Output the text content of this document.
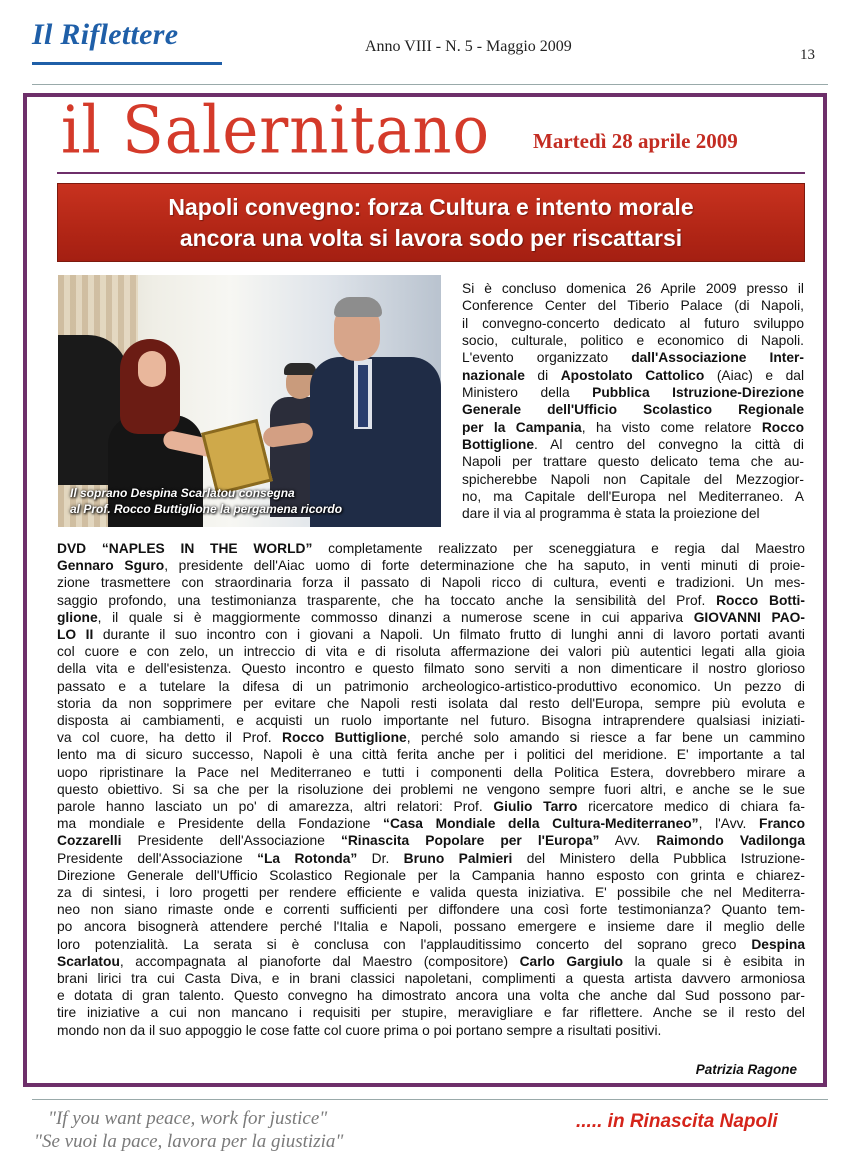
Il Riflettere	Anno VIII - N. 5 - Maggio 2009	13
il Salernitano Martedì 28 aprile 2009
Napoli convegno: forza Cultura e intento morale
ancora una volta si lavora sodo per riscattarsi
Il soprano Despina Scarlatou consegna
al Prof. Rocco Buttiglione la pergamena ricordo
Si è concluso domenica 26 Aprile 2009 presso il
Conference Center del Tiberio Palace (di Napoli,
il convegno-concerto dedicato al futuro sviluppo
socio, culturale, politico e economico di Napoli.
L'evento organizzato dall'Associazione Inter-
nazionale di Apostolato Cattolico (Aiac) e dal
Ministero della Pubblica Istruzione-Direzione
Generale dell'Ufficio Scolastico Regionale
per la Campania, ha visto come relatore Rocco
Bottiglione. Al centro del convegno la città di
Napoli per trattare questo delicato tema che au-
spicherebbe Napoli non Capitale del Mezzogior-
no, ma Capitale dell'Europa nel Mediterraneo. A
dare il via al programma è stata la proiezione del
DVD “NAPLES IN THE WORLD” completamente realizzato per sceneggiatura e regia dal Maestro
Gennaro Sguro, presidente dell'Aiac uomo di forte determinazione che ha saputo, in venti minuti di proie-
zione trasmettere con straordinaria forza il passato di Napoli ricco di cultura, eventi e tradizioni. Un mes-
saggio profondo, una testimonianza trasparente, che ha toccato anche la sensibilità del Prof. Rocco Botti-
glione, il quale si è maggiormente commosso dinanzi a numerose scene in cui appariva GIOVANNI PAO-
LO II durante il suo incontro con i giovani a Napoli. Un filmato frutto di lunghi anni di lavoro portati avanti
col cuore e con zelo, un intreccio di vita e di risoluta affermazione dei valori più autentici legati alla gioia
della vita e dell'esistenza. Questo incontro e questo filmato sono serviti a non dimenticare il nostro glorioso
passato e a tutelare la difesa di un patrimonio archeologico-artistico-produttivo economico. Un pezzo di
storia da non sopprimere per evitare che Napoli resti isolata dal resto dell'Europa, sempre più evoluta e
disposta ai cambiamenti, e acquisti un ruolo importante nel futuro. Bisogna intraprendere qualsiasi iniziati-
va col cuore, ha detto il Prof. Rocco Buttiglione, perché solo amando si riesce a far bene un cammino
lento ma di sicuro successo, Napoli è una città ferita anche per i politici del meridione. E' importante a tal
uopo ripristinare la Pace nel Mediterraneo e tutti i componenti della Politica Estera, dovrebbero mirare a
questo obiettivo. Si sa che per la risoluzione dei problemi ne vengono sempre fuori altri, e anche se le sue
parole hanno lasciato un po' di amarezza, altri relatori: Prof. Giulio Tarro ricercatore medico di chiara fa-
ma mondiale e Presidente della Fondazione “Casa Mondiale della Cultura-Mediterraneo”, l'Avv. Franco
Cozzarelli Presidente dell'Associazione “Rinascita Popolare per l'Europa” Avv. Raimondo Vadilonga
Presidente dell'Associazione “La Rotonda” Dr. Bruno Palmieri del Ministero della Pubblica Istruzione-
Direzione Generale dell'Ufficio Scolastico Regionale per la Campania hanno esposto con grinta e chiarez-
za di sintesi, i loro progetti per rendere efficiente e valida questa iniziativa. E' possibile che nel Mediterra-
neo non siano rimaste onde e correnti sufficienti per diffondere una così forte testimonianza? Quanto tem-
po ancora bisognerà attendere perché l'Italia e Napoli, possano emergere e insieme dare il meglio delle
loro potenzialità. La serata si è conclusa con l'applauditissimo concerto del soprano greco Despina
Scarlatou, accompagnata al pianoforte dal Maestro (compositore) Carlo Gargiulo la quale si è esibita in
brani lirici tra cui Casta Diva, e in brani classici napoletani, complimenti a questa artista davvero armoniosa
e dotata di gran talento. Questo convegno ha dimostrato ancora una volta che anche dal Sud possono par-
tire iniziative a cui non mancano i requisiti per stupire, meravigliare e far riflettere. Anche se il resto del
mondo non da il suo appoggio le cose fatte col cuore prima o poi portano sempre a risultati positivi.
Patrizia Ragone
"If you want peace, work for justice"
"Se vuoi la pace, lavora per la giustizia"
..... in Rinascita Napoli
